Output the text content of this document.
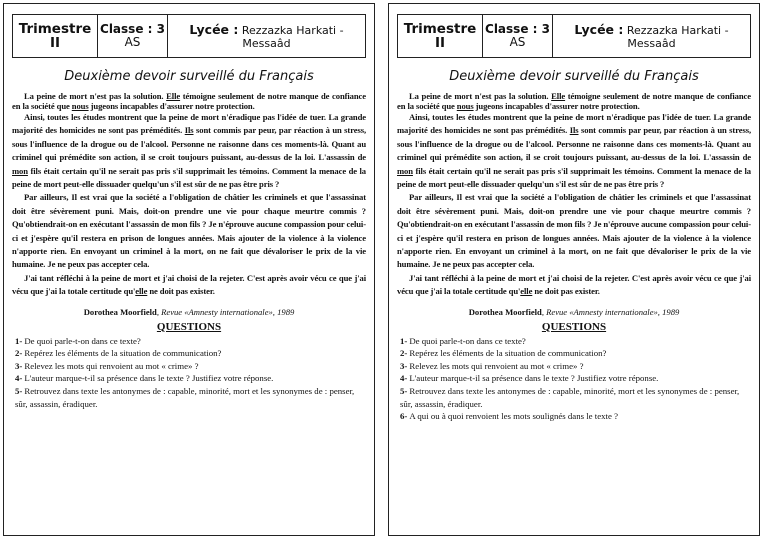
Trimestre II
Classe : 3
AS
Lycée : Rezzazka Harkati - Messaâd
Deuxième devoir surveillé du Français

La peine de mort n'est pas la solution. Elle témoigne seulement de notre manque de confiance en la société que nous jugeons incapables d'assurer notre protection.

Ainsi, toutes les études montrent que la peine de mort n'éradique pas l'idée de tuer. La grande majorité des homicides ne sont pas prémédités. Ils sont commis par peur, par réaction à un stress, sous l'influence de la drogue ou de l'alcool. Personne ne raisonne dans ces moments-là. Quant au criminel qui prémédite son action, il se croit toujours puissant, au-dessus de la loi. L'assassin de mon fils était certain qu'il ne serait pas pris s'il supprimait les témoins. Comment la menace de la peine de mort peut-elle dissuader quelqu'un s'il est sûr de ne pas être pris ?

Par ailleurs, Il est vrai que la société a l'obligation de châtier les criminels et que l'assassinat doit être sévèrement puni. Mais, doit-on prendre une vie pour chaque meurtre commis ? Qu'obtiendrait-on en exécutant l'assassin de mon fils ? Je n'éprouve aucune compassion pour celui-ci et j'espère qu'il restera en prison de longues années. Mais ajouter de la violence à la violence n'apporte rien. En envoyant un criminel à la mort, on ne fait que dévaloriser le prix de la vie humaine. Je ne peux pas accepter cela.

J'ai tant réfléchi à la peine de mort et j'ai choisi de la rejeter. C'est après avoir vécu ce que j'ai vécu que j'ai la totale certitude qu'elle ne doit pas exister.

Dorothea Moorfield, Revue «Amnesty internationale», 1989
QUESTIONS
1- De quoi parle-t-on dans ce texte?
2- Repérez les éléments de la situation de communication?
3- Relevez les mots qui renvoient au mot « crime» ?
4- L'auteur marque-t-il sa présence dans le texte ? Justifiez votre réponse.
5- Retrouvez dans texte les antonymes de : capable, minorité, mort et les synonymes de : penser, sûr, assassin, éradiquer.
Trimestre II
Classe : 3
AS
Lycée : Rezzazka Harkati - Messaâd
Deuxième devoir surveillé du Français

La peine de mort n'est pas la solution. Elle témoigne seulement de notre manque de confiance en la société que nous jugeons incapables d'assurer notre protection.

Ainsi, toutes les études montrent que la peine de mort n'éradique pas l'idée de tuer. La grande majorité des homicides ne sont pas prémédités. Ils sont commis par peur, par réaction à un stress, sous l'influence de la drogue ou de l'alcool. Personne ne raisonne dans ces moments-là. Quant au criminel qui prémédite son action, il se croit toujours puissant, au-dessus de la loi. L'assassin de mon fils était certain qu'il ne serait pas pris s'il supprimait les témoins. Comment la menace de la peine de mort peut-elle dissuader quelqu'un s'il est sûr de ne pas être pris ?

Par ailleurs, Il est vrai que la société a l'obligation de châtier les criminels et que l'assassinat doit être sévèrement puni. Mais, doit-on prendre une vie pour chaque meurtre commis ? Qu'obtiendrait-on en exécutant l'assassin de mon fils ? Je n'éprouve aucune compassion pour celui-ci et j'espère qu'il restera en prison de longues années. Mais ajouter de la violence à la violence n'apporte rien. En envoyant un criminel à la mort, on ne fait que dévaloriser le prix de la vie humaine. Je ne peux pas accepter cela.

J'ai tant réfléchi à la peine de mort et j'ai choisi de la rejeter. C'est après avoir vécu ce que j'ai vécu que j'ai la totale certitude qu'elle ne doit pas exister.

Dorothea Moorfield, Revue «Amnesty internationale», 1989
QUESTIONS
1- De quoi parle-t-on dans ce texte?
2- Repérez les éléments de la situation de communication?
3- Relevez les mots qui renvoient au mot « crime» ?
4- L'auteur marque-t-il sa présence dans le texte ? Justifiez votre réponse.
5- Retrouvez dans texte les antonymes de : capable, minorité, mort et les synonymes de : penser, sûr, assassin, éradiquer.
6- A qui ou à quoi renvoient les mots soulignés dans le texte ?
